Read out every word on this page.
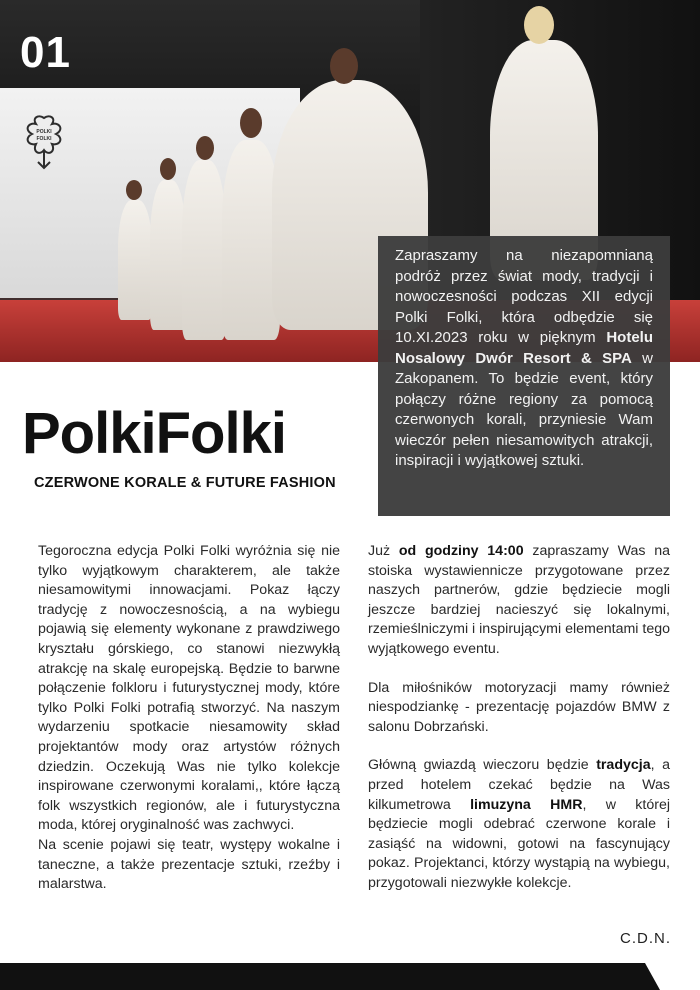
01
POLKI
FOLKI
Zapraszamy na niezapomnianą podróż przez świat mody, tradycji i nowoczesności podczas XII edycji Polki Folki, która odbędzie się 10.XI.2023 roku w pięknym Hotelu Nosalowy Dwór Resort & SPA w Zakopanem. To będzie event, który połączy różne regiony za pomocą czerwonych korali, przyniesie Wam wieczór pełen niesamowitych atrakcji, inspiracji i wyjątkowej sztuki.
PolkiFolki
CZERWONE KORALE & FUTURE FASHION

Tegoroczna edycja Polki Folki wyróżnia się nie tylko wyjątkowym charakterem, ale także niesamowitymi innowacjami. Pokaz łączy tradycję z nowoczesnością, a na wybiegu pojawią się elementy wykonane z prawdziwego kryształu górskiego, co stanowi niezwykłą atrakcję na skalę europejską. Będzie to barwne połączenie folkloru i futurystycznej mody, które tylko Polki Folki potrafią stworzyć. Na naszym wydarzeniu spotkacie niesamowity skład projektantów mody oraz artystów różnych dziedzin. Oczekują Was nie tylko kolekcje inspirowane czerwonymi koralami,, które łączą folk wszystkich regionów, ale i futurystyczna moda, której oryginalność was zachwyci.

Na scenie pojawi się teatr, występy wokalne i taneczne, a także prezentacje sztuki, rzeźby i malarstwa.

Już od godziny 14:00 zapraszamy Was na stoiska wystawiennicze przygotowane przez naszych partnerów, gdzie będziecie mogli jeszcze bardziej nacieszyć się lokalnymi, rzemieślniczymi i inspirującymi elementami tego wyjątkowego eventu.

Dla miłośników motoryzacji mamy również niespodziankę - prezentację pojazdów BMW z salonu Dobrzański.

Główną gwiazdą wieczoru będzie tradycja, a przed hotelem czekać będzie na Was kilkumetrowa limuzyna HMR, w której będziecie mogli odebrać czerwone korale i zasiąść na widowni, gotowi na fascynujący pokaz. Projektanci, którzy wystąpią na wybiegu, przygotowali niezwykłe kolekcje.

C.D.N.
